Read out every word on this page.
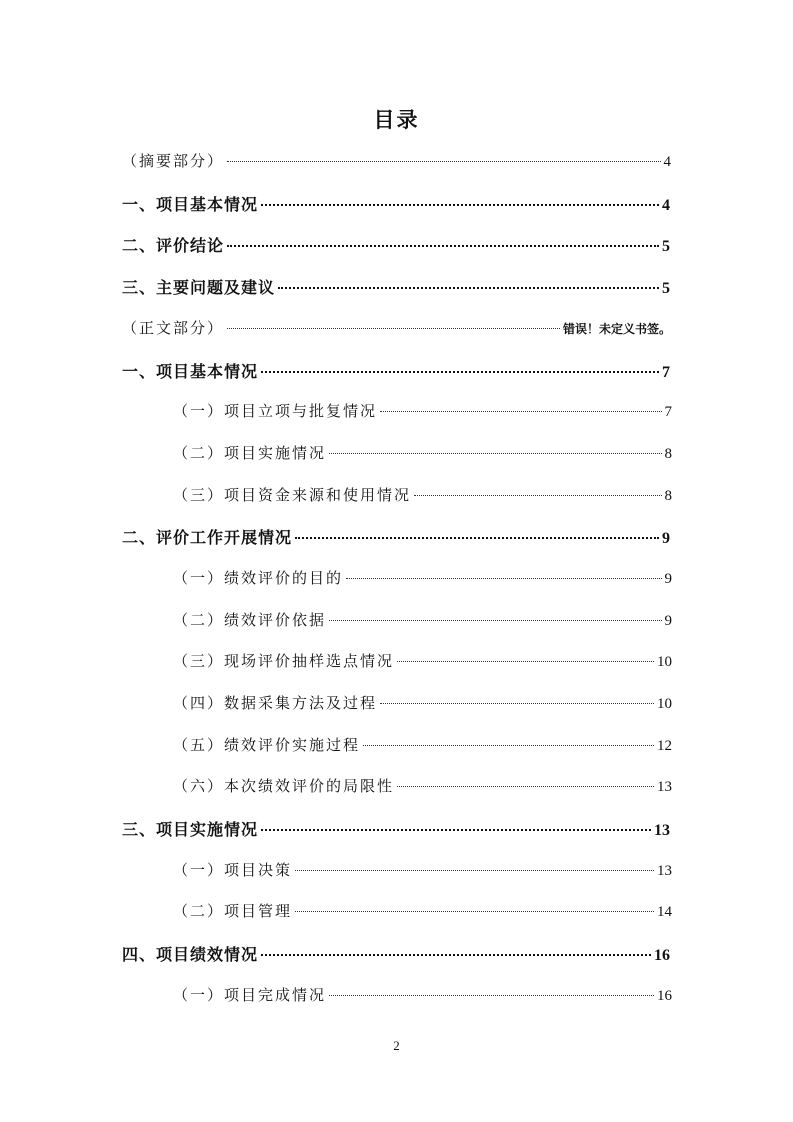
目录
（摘要部分）	4
一、项目基本情况	4
二、评价结论	5
三、主要问题及建议	5
（正文部分）	错误！未定义书签。
一、项目基本情况	7
（一）项目立项与批复情况	7
（二）项目实施情况	8
（三）项目资金来源和使用情况	8
二、评价工作开展情况	9
（一）绩效评价的目的	9
（二）绩效评价依据	9
（三）现场评价抽样选点情况	10
（四）数据采集方法及过程	10
（五）绩效评价实施过程	12
（六）本次绩效评价的局限性	13
三、项目实施情况	13
（一）项目决策	13
（二）项目管理	14
四、项目绩效情况	16
（一）项目完成情况	16
2
